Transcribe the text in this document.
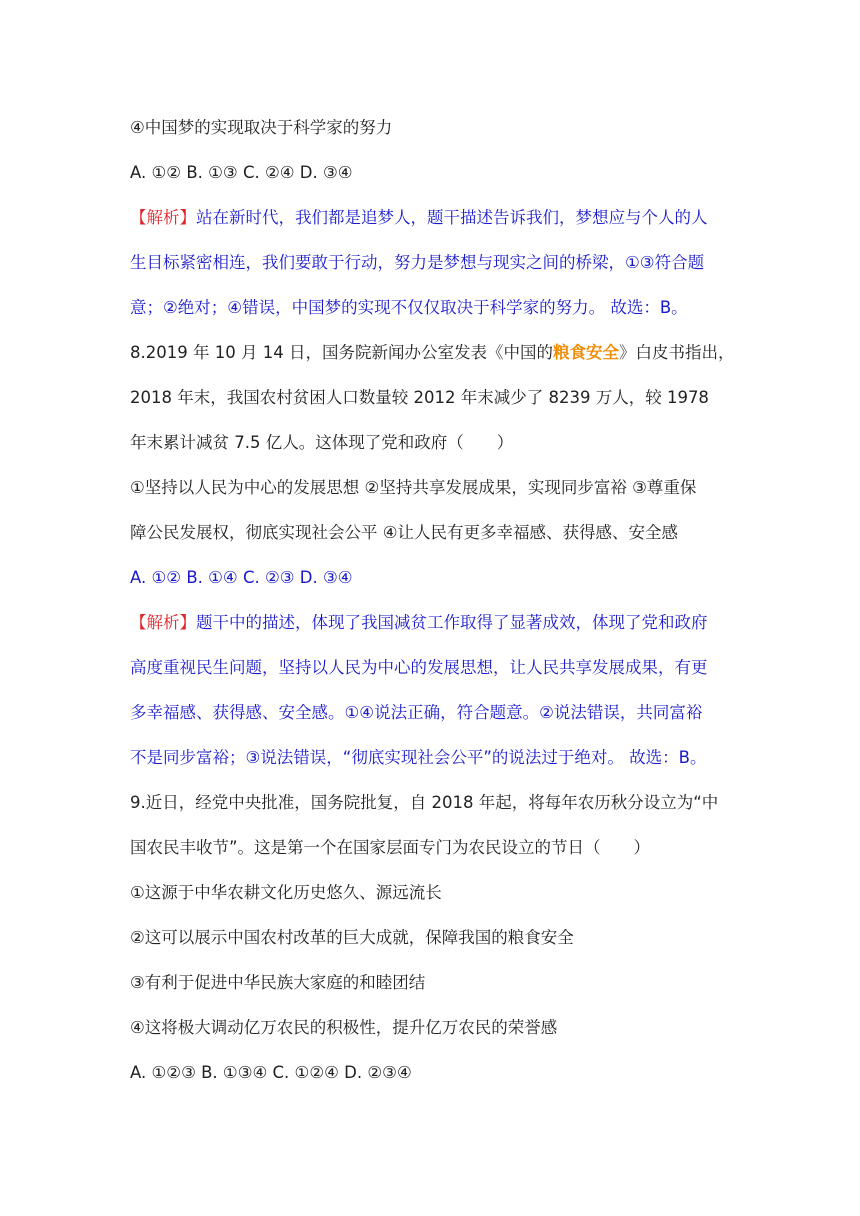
④中国梦的实现取决于科学家的努力
A. ①② B. ①③ C. ②④ D. ③④
【解析】站在新时代，我们都是追梦人，题干描述告诉我们，梦想应与个人的人
生目标紧密相连，我们要敢于行动，努力是梦想与现实之间的桥梁，①③符合题
意；②绝对；④错误，中国梦的实现不仅仅取决于科学家的努力。 故选：B。
8.2019 年 10 月 14 日，国务院新闻办公室发表《中国的粮食安全》白皮书指出，
2018 年末，我国农村贫困人口数量较 2012 年末减少了 8239 万人，较 1978
年末累计减贫 7.5 亿人。这体现了党和政府（　　）
①坚持以人民为中心的发展思想 ②坚持共享发展成果，实现同步富裕 ③尊重保
障公民发展权，彻底实现社会公平 ④让人民有更多幸福感、获得感、安全感
A. ①② B. ①④ C. ②③ D. ③④
【解析】题干中的描述，体现了我国减贫工作取得了显著成效，体现了党和政府
高度重视民生问题，坚持以人民为中心的发展思想，让人民共享发展成果，有更
多幸福感、获得感、安全感。①④说法正确，符合题意。②说法错误，共同富裕
不是同步富裕；③说法错误，“彻底实现社会公平”的说法过于绝对。 故选：B。
9.近日，经党中央批准，国务院批复，自 2018 年起，将每年农历秋分设立为“中
国农民丰收节”。这是第一个在国家层面专门为农民设立的节日（　　）
①这源于中华农耕文化历史悠久、源远流长
②这可以展示中国农村改革的巨大成就，保障我国的粮食安全
③有利于促进中华民族大家庭的和睦团结
④这将极大调动亿万农民的积极性，提升亿万农民的荣誉感
A. ①②③ B. ①③④ C. ①②④ D. ②③④
